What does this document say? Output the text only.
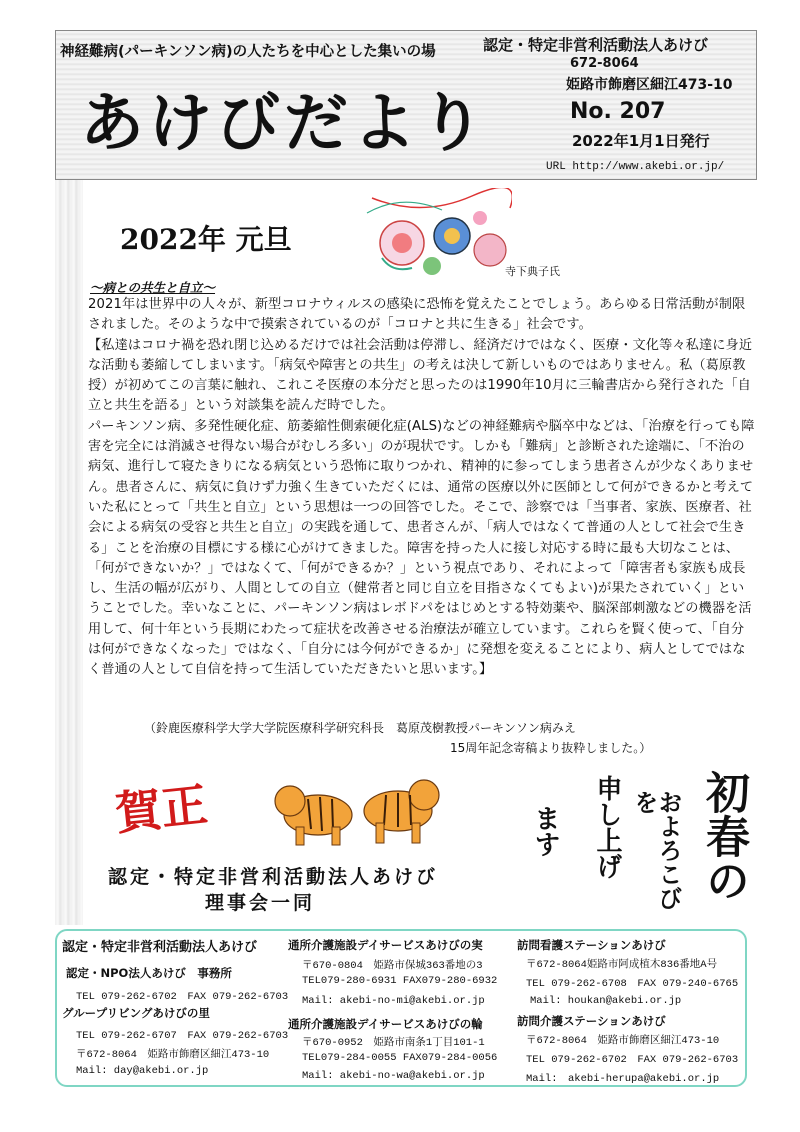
神経難病(パーキンソン病)の人たちを中心とした集いの場
あけびだより
認定・特定非営利活動法人あけび
672-8064
姫路市飾磨区細江473-10
No. 207
2022年1月1日発行
URL http://www.akebi.or.jp/
2022年 元旦
寺下典子氏
～病との共生と自立～

2021年は世界中の人々が、新型コロナウィルスの感染に恐怖を覚えたことでしょう。あらゆる日常活動が制限されました。そのような中で摸索されているのが「コロナと共に生きる」社会です。

【私達はコロナ禍を恐れ閉じ込めるだけでは社会活動は停滞し、経済だけではなく、医療・文化等々私達に身近な活動も萎縮してしまいます。「病気や障害との共生」の考えは決して新しいものではありません。私（葛原教授）が初めてこの言葉に触れ、これこそ医療の本分だと思ったのは1990年10月に三輪書店から発行された「自立と共生を語る」という対談集を読んだ時でした。

パーキンソン病、多発性硬化症、筋萎縮性側索硬化症(ALS)などの神経難病や脳卒中などは、「治療を行っても障害を完全には消滅させ得ない場合がむしろ多い」のが現状です。しかも「難病」と診断された途端に、「不治の病気、進行して寝たきりになる病気という恐怖に取りつかれ、精神的に参ってしまう患者さんが少なくありません。患者さんに、病気に負けず力強く生きていただくには、通常の医療以外に医師として何ができるかと考えていた私にとって「共生と自立」という思想は一つの回答でした。そこで、診察では「当事者、家族、医療者、社会による病気の受容と共生と自立」の実践を通して、患者さんが、「病人ではなくて普通の人として社会で生きる」ことを治療の目標にする様に心がけてきました。障害を持った人に接し対応する時に最も大切なことは、「何ができないか？」ではなくて、「何ができるか？」という視点であり、それによって「障害者も家族も成長し、生活の幅が広がり、人間としての自立（健常者と同じ自立を目指さなくてもよい)が果たされていく」ということでした。幸いなことに、パーキンソン病はレボドパをはじめとする特効薬や、脳深部刺激などの機器を活用して、何十年という長期にわたって症状を改善させる治療法が確立しています。これらを賢く使って、「自分は何ができなくなった」ではなく、「自分には今何ができるか」に発想を変えることにより、病人としてではなく普通の人として自信を持って生活していただきたいと思います。】

（鈴鹿医療科学大学大学院医療科学研究科長　葛原茂樹教授パーキンソン病みえ
15周年記念寄稿より抜粋しました。）
賀正	初春の
およろこびを
申し上げ
ます
認定・特定非営利活動法人あけび
理事会一同
認定・特定非営利活動法人あけび
認定・NPO法人あけび　事務所
TEL 079-262-6702　FAX 079-262-6703
グループリビングあけびの里
TEL 079-262-6707　FAX 079-262-6703
〒672-8064　姫路市飾磨区細江473-10
Mail: day@akebi.or.jp
通所介護施設デイサービスあけびの実
〒670-0804　姫路市保城363番地の3
TEL079-280-6931 FAX079-280-6932
Mail: akebi-no-mi@akebi.or.jp
通所介護施設デイサービスあけびの輪
〒670-0952　姫路市南条1丁目101-1
TEL079-284-0055 FAX079-284-0056
Mail: akebi-no-wa@akebi.or.jp
訪問看護ステーションあけび
〒672-8064姫路市阿成植木836番地A号
TEL 079-262-6708　FAX 079-240-6765
Mail: houkan@akebi.or.jp
訪問介護ステーションあけび
〒672-8064　姫路市飾磨区細江473-10
TEL 079-262-6702　FAX 079-262-6703
Mail:　akebi-herupa@akebi.or.jp
